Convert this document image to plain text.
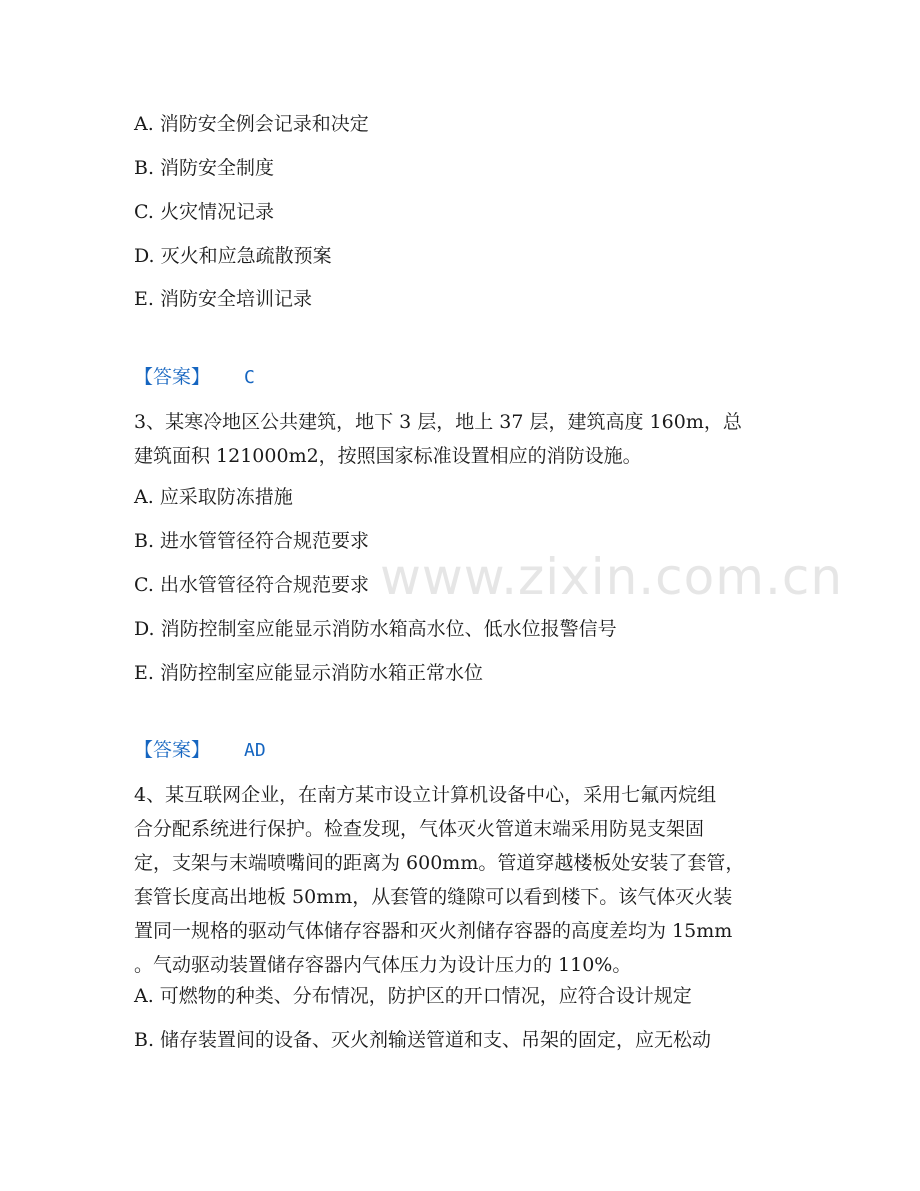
www.zixin.com.cn
A. 消防安全例会记录和决定
B. 消防安全制度
C. 火灾情况记录
D. 灭火和应急疏散预案
E. 消防安全培训记录
【答案】 C
3、某寒冷地区公共建筑，地下 3 层，地上 37 层，建筑高度 160m，总
建筑面积 121000m2，按照国家标准设置相应的消防设施。
A. 应采取防冻措施
B. 进水管管径符合规范要求
C. 出水管管径符合规范要求
D. 消防控制室应能显示消防水箱高水位、低水位报警信号
E. 消防控制室应能显示消防水箱正常水位
【答案】 AD
4、某互联网企业，在南方某市设立计算机设备中心，采用七氟丙烷组
合分配系统进行保护。检查发现，气体灭火管道末端采用防晃支架固
定，支架与末端喷嘴间的距离为 600mm。管道穿越楼板处安装了套管，
套管长度高出地板 50mm，从套管的缝隙可以看到楼下。该气体灭火装
置同一规格的驱动气体储存容器和灭火剂储存容器的高度差均为 15mm
。气动驱动装置储存容器内气体压力为设计压力的 110%。
A. 可燃物的种类、分布情况，防护区的开口情况，应符合设计规定
B. 储存装置间的设备、灭火剂输送管道和支、吊架的固定，应无松动
